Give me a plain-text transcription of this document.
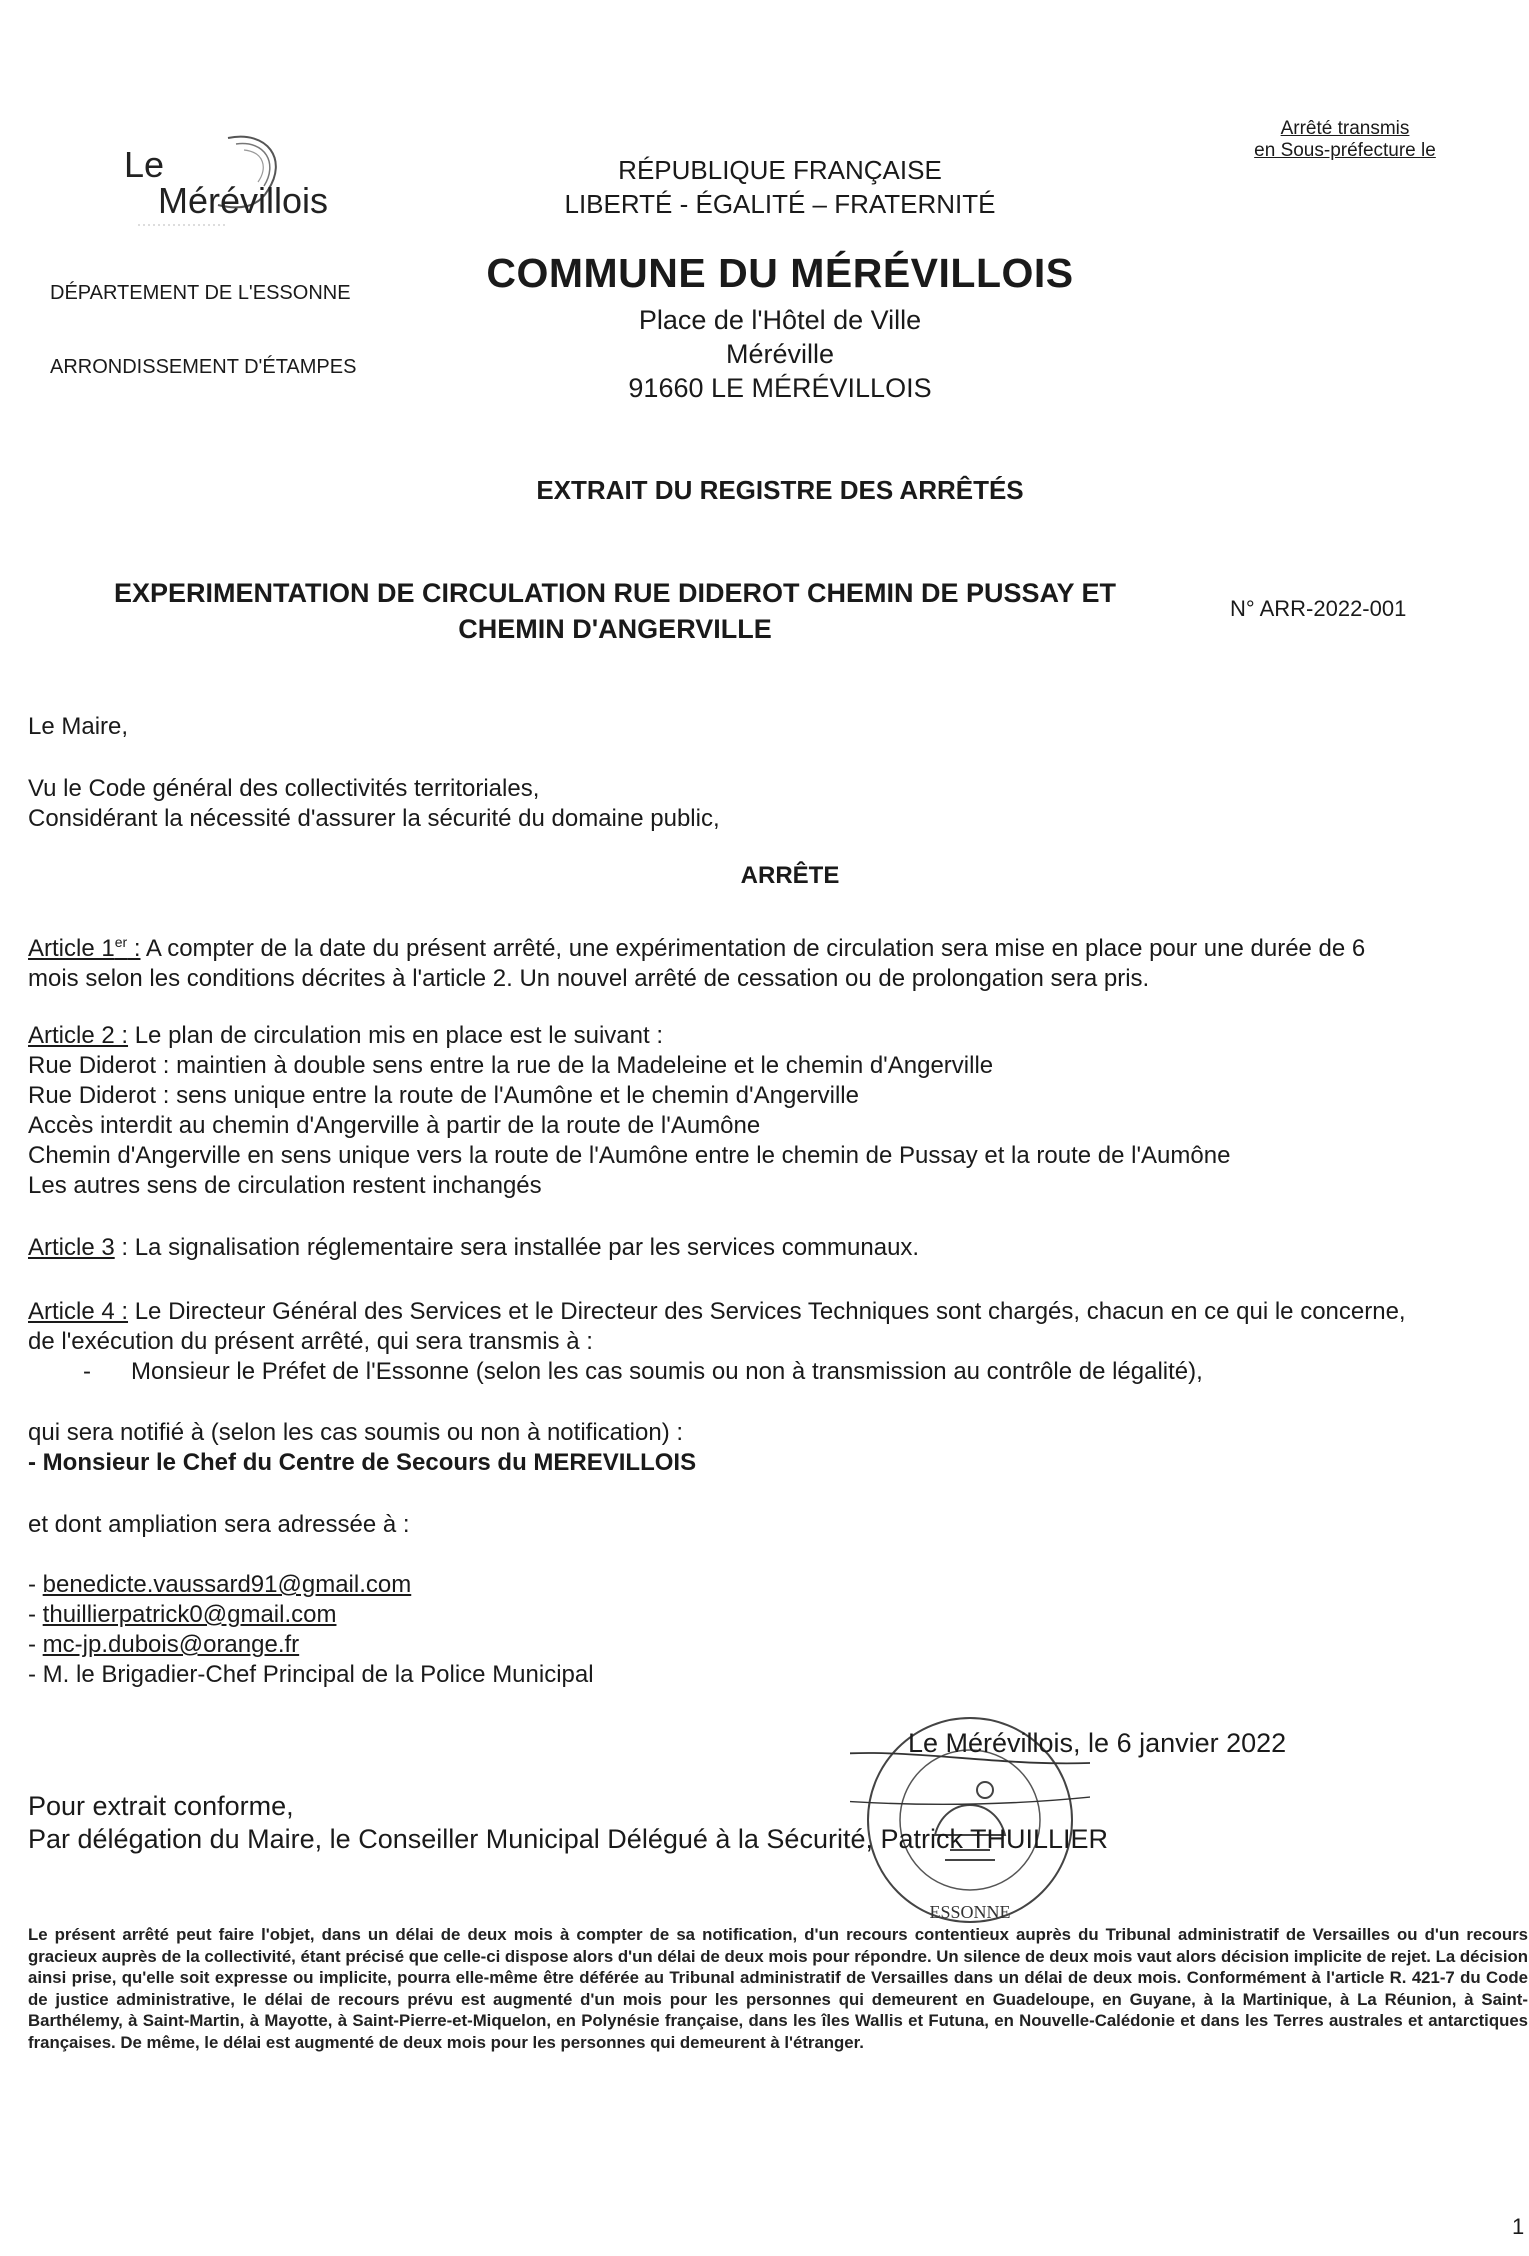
Le
Mérévillois
DÉPARTEMENT DE L'ESSONNE
ARRONDISSEMENT D'ÉTAMPES
RÉPUBLIQUE FRANÇAISE
LIBERTÉ - ÉGALITÉ – FRATERNITÉ
Arrêté transmis
en Sous-préfecture le
COMMUNE DU MÉRÉVILLOIS
Place de l'Hôtel de Ville
Méréville
91660 LE MÉRÉVILLOIS
EXTRAIT DU REGISTRE DES ARRÊTÉS
EXPERIMENTATION DE CIRCULATION RUE DIDEROT CHEMIN DE PUSSAY ET
CHEMIN D'ANGERVILLE
N° ARR-2022-001
Le Maire,

Vu le Code général des collectivités territoriales,

Considérant la nécessité d'assurer la sécurité du domaine public,

ARRÊTE

Article 1er : A compter de la date du présent arrêté, une expérimentation de circulation sera mise en place pour une durée de 6

mois selon les conditions décrites à l'article 2. Un nouvel arrêté de cessation ou de prolongation sera pris.

Article 2 : Le plan de circulation mis en place est le suivant :

Rue Diderot : maintien à double sens entre la rue de la Madeleine et le chemin d'Angerville

Rue Diderot : sens unique entre la route de l'Aumône et le chemin d'Angerville

Accès interdit au chemin d'Angerville à partir de la route de l'Aumône

Chemin d'Angerville en sens unique vers la route de l'Aumône entre le chemin de Pussay et la route de l'Aumône

Les autres sens de circulation restent inchangés

Article 3 : La signalisation réglementaire sera installée par les services communaux.

Article 4 : Le Directeur Général des Services et le Directeur des Services Techniques sont chargés, chacun en ce qui le concerne,

de l'exécution du présent arrêté, qui sera transmis à :

-      Monsieur le Préfet de l'Essonne (selon les cas soumis ou non à transmission au contrôle de légalité),

qui sera notifié à (selon les cas soumis ou non à notification) :

- Monsieur le Chef du Centre de Secours du MEREVILLOIS

et dont ampliation sera adressée à :

- benedicte.vaussard91@gmail.com

- thuillierpatrick0@gmail.com

- mc-jp.dubois@orange.fr

- M. le Brigadier-Chef Principal de la Police Municipal

ESSONNE
Le Mérévillois, le 6 janvier 2022
Pour extrait conforme,
Par délégation du Maire, le Conseiller Municipal Délégué à la Sécurité, Patrick THUILLIER
Le présent arrêté peut faire l'objet, dans un délai de deux mois à compter de sa notification, d'un recours contentieux auprès du Tribunal administratif de Versailles ou d'un recours gracieux auprès de la collectivité, étant précisé que celle-ci dispose alors d'un délai de deux mois pour répondre. Un silence de deux mois vaut alors décision implicite de rejet. La décision ainsi prise, qu'elle soit expresse ou implicite, pourra elle-même être déférée au Tribunal administratif de Versailles dans un délai de deux mois. Conformément à l'article R. 421-7 du Code de justice administrative, le délai de recours prévu est augmenté d'un mois pour les personnes qui demeurent en Guadeloupe, en Guyane, à la Martinique, à La Réunion, à Saint-Barthélemy, à Saint-Martin, à Mayotte, à Saint-Pierre-et-Miquelon, en Polynésie française, dans les îles Wallis et Futuna, en Nouvelle-Calédonie et dans les Terres australes et antarctiques françaises. De même, le délai est augmenté de deux mois pour les personnes qui demeurent à l'étranger.
1
